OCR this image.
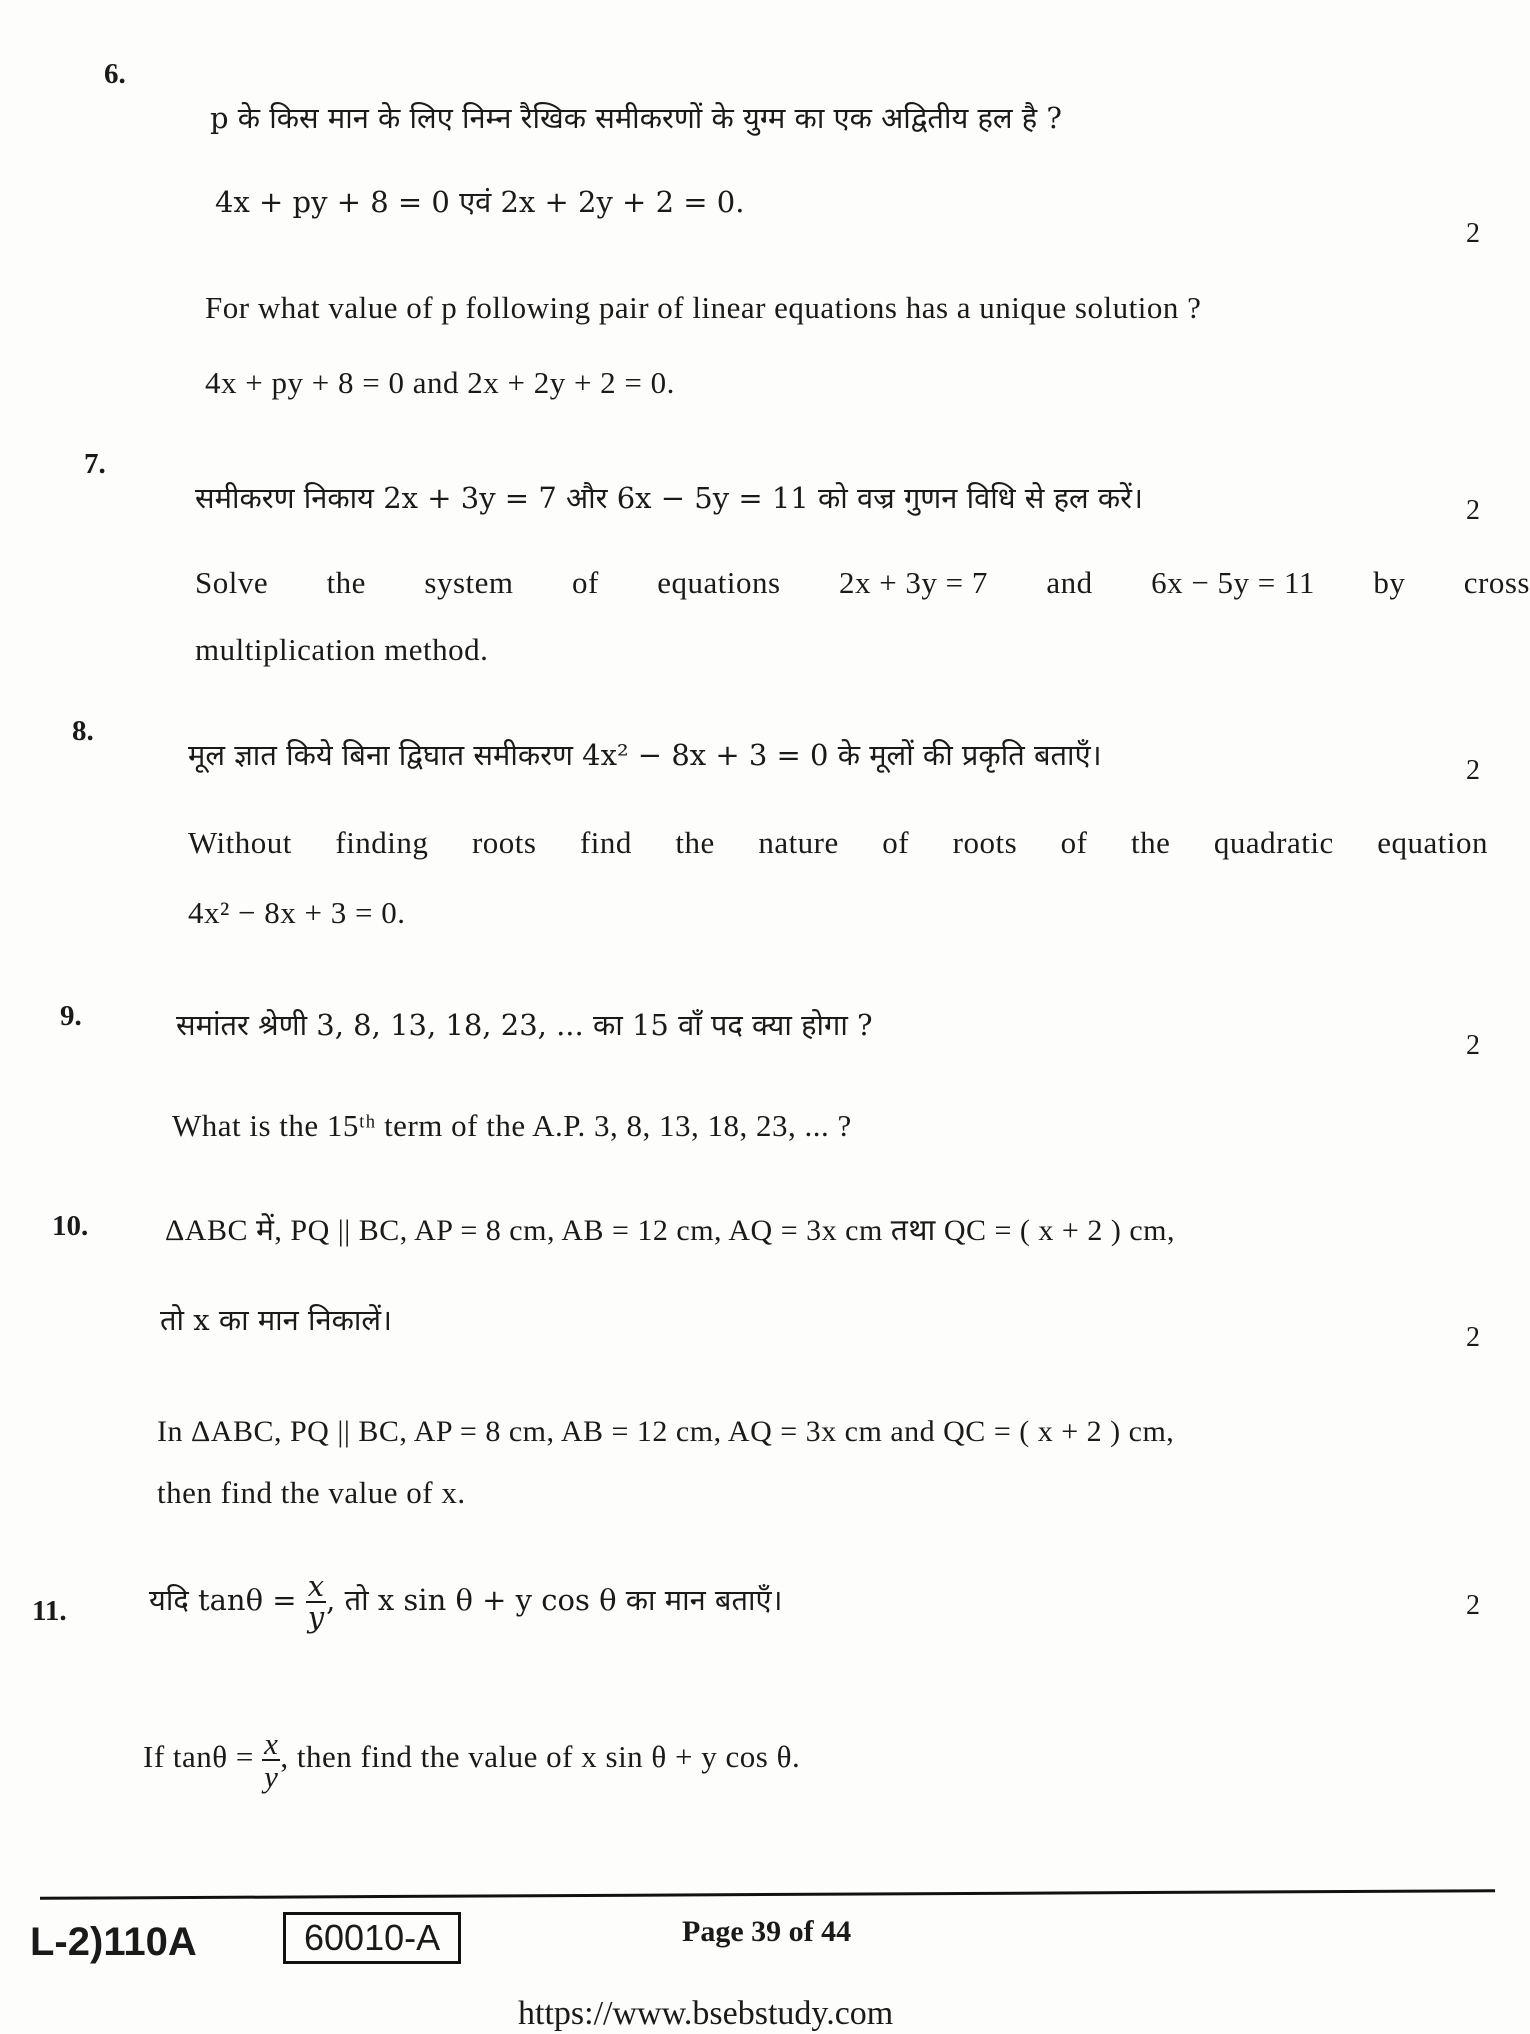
6.
p के किस मान के लिए निम्न रैखिक समीकरणों के युग्म का एक अद्वितीय हल है ?
4x + py + 8 = 0 एवं 2x + 2y + 2 = 0.
2
For what value of p following pair of linear equations has a unique solution ?
4x + py + 8 = 0 and 2x + 2y + 2 = 0.
7.
समीकरण निकाय 2x + 3y = 7 और 6x − 5y = 11 को वज्र गुणन विधि से हल करें।	2
Solve the system of equations 2x + 3y = 7 and 6x − 5y = 11 by cross
multiplication method.
8.
मूल ज्ञात किये बिना द्विघात समीकरण 4x² − 8x + 3 = 0 के मूलों की प्रकृति बताएँ।	2
Without finding roots find the nature of roots of the quadratic equation
4x² − 8x + 3 = 0.
9.	समांतर श्रेणी 3, 8, 13, 18, 23, ... का 15 वाँ पद क्या होगा ?
2
What is the 15ᵗʰ term of the A.P. 3, 8, 13, 18, 23, ... ?
10.	ΔABC में, PQ || BC, AP = 8 cm, AB = 12 cm, AQ = 3x cm तथा QC = ( x + 2 ) cm,
तो x का मान निकालें।
2
In ΔABC, PQ || BC, AP = 8 cm, AB = 12 cm, AQ = 3x cm and QC = ( x + 2 ) cm,
then find the value of x.
11.	यदि $\tan\theta = \frac{x}{y}$ , तो x sin θ + y cos θ का मान बताएँ।	2
If $\tan\theta = \frac{x}{y}$ , then find the value of x sin θ + y cos θ.
L-2)110A	60010-A	Page 39 of 44
https://www.bsebstudy.com
